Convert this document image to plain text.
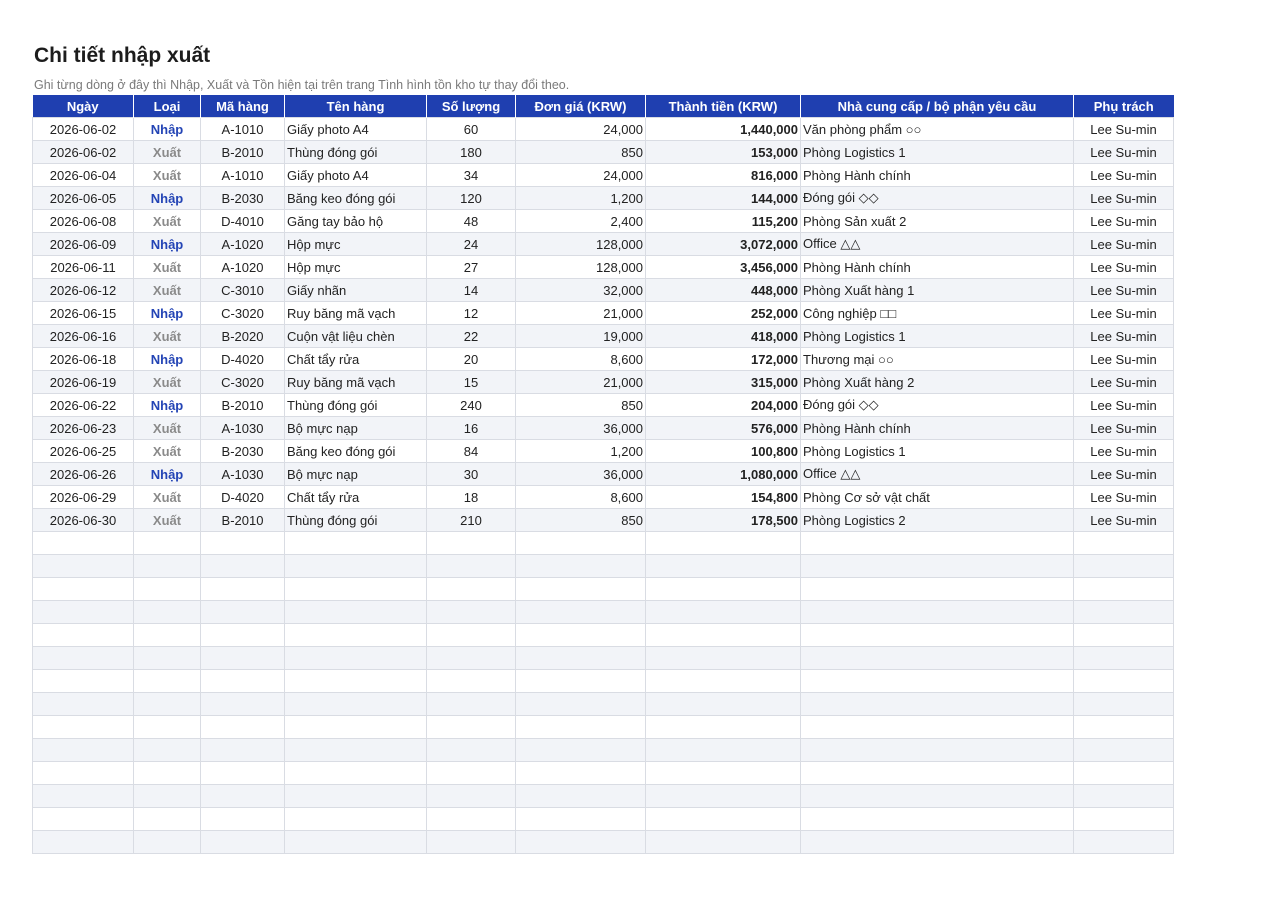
Chi tiết nhập xuất
Ghi từng dòng ở đây thì Nhập, Xuất và Tồn hiện tại trên trang Tình hình tồn kho tự thay đổi theo.
Ngày	Loại	Mã hàng	Tên hàng	Số lượng	Đơn giá (KRW)	Thành tiền (KRW)	Nhà cung cấp / bộ phận yêu cầu	Phụ trách
2026-06-02	Nhập	A-1010	Giấy photo A4	60	24,000	1,440,000	Văn phòng phẩm ○○	Lee Su-min
2026-06-02	Xuất	B-2010	Thùng đóng gói	180	850	153,000	Phòng Logistics 1	Lee Su-min
2026-06-04	Xuất	A-1010	Giấy photo A4	34	24,000	816,000	Phòng Hành chính	Lee Su-min
2026-06-05	Nhập	B-2030	Băng keo đóng gói	120	1,200	144,000	Đóng gói ◇◇	Lee Su-min
2026-06-08	Xuất	D-4010	Găng tay bảo hộ	48	2,400	115,200	Phòng Sản xuất 2	Lee Su-min
2026-06-09	Nhập	A-1020	Hộp mực	24	128,000	3,072,000	Office △△	Lee Su-min
2026-06-11	Xuất	A-1020	Hộp mực	27	128,000	3,456,000	Phòng Hành chính	Lee Su-min
2026-06-12	Xuất	C-3010	Giấy nhãn	14	32,000	448,000	Phòng Xuất hàng 1	Lee Su-min
2026-06-15	Nhập	C-3020	Ruy băng mã vạch	12	21,000	252,000	Công nghiệp □□	Lee Su-min
2026-06-16	Xuất	B-2020	Cuộn vật liệu chèn	22	19,000	418,000	Phòng Logistics 1	Lee Su-min
2026-06-18	Nhập	D-4020	Chất tẩy rửa	20	8,600	172,000	Thương mại ○○	Lee Su-min
2026-06-19	Xuất	C-3020	Ruy băng mã vạch	15	21,000	315,000	Phòng Xuất hàng 2	Lee Su-min
2026-06-22	Nhập	B-2010	Thùng đóng gói	240	850	204,000	Đóng gói ◇◇	Lee Su-min
2026-06-23	Xuất	A-1030	Bộ mực nạp	16	36,000	576,000	Phòng Hành chính	Lee Su-min
2026-06-25	Xuất	B-2030	Băng keo đóng gói	84	1,200	100,800	Phòng Logistics 1	Lee Su-min
2026-06-26	Nhập	A-1030	Bộ mực nạp	30	36,000	1,080,000	Office △△	Lee Su-min
2026-06-29	Xuất	D-4020	Chất tẩy rửa	18	8,600	154,800	Phòng Cơ sở vật chất	Lee Su-min
2026-06-30	Xuất	B-2010	Thùng đóng gói	210	850	178,500	Phòng Logistics 2	Lee Su-min
